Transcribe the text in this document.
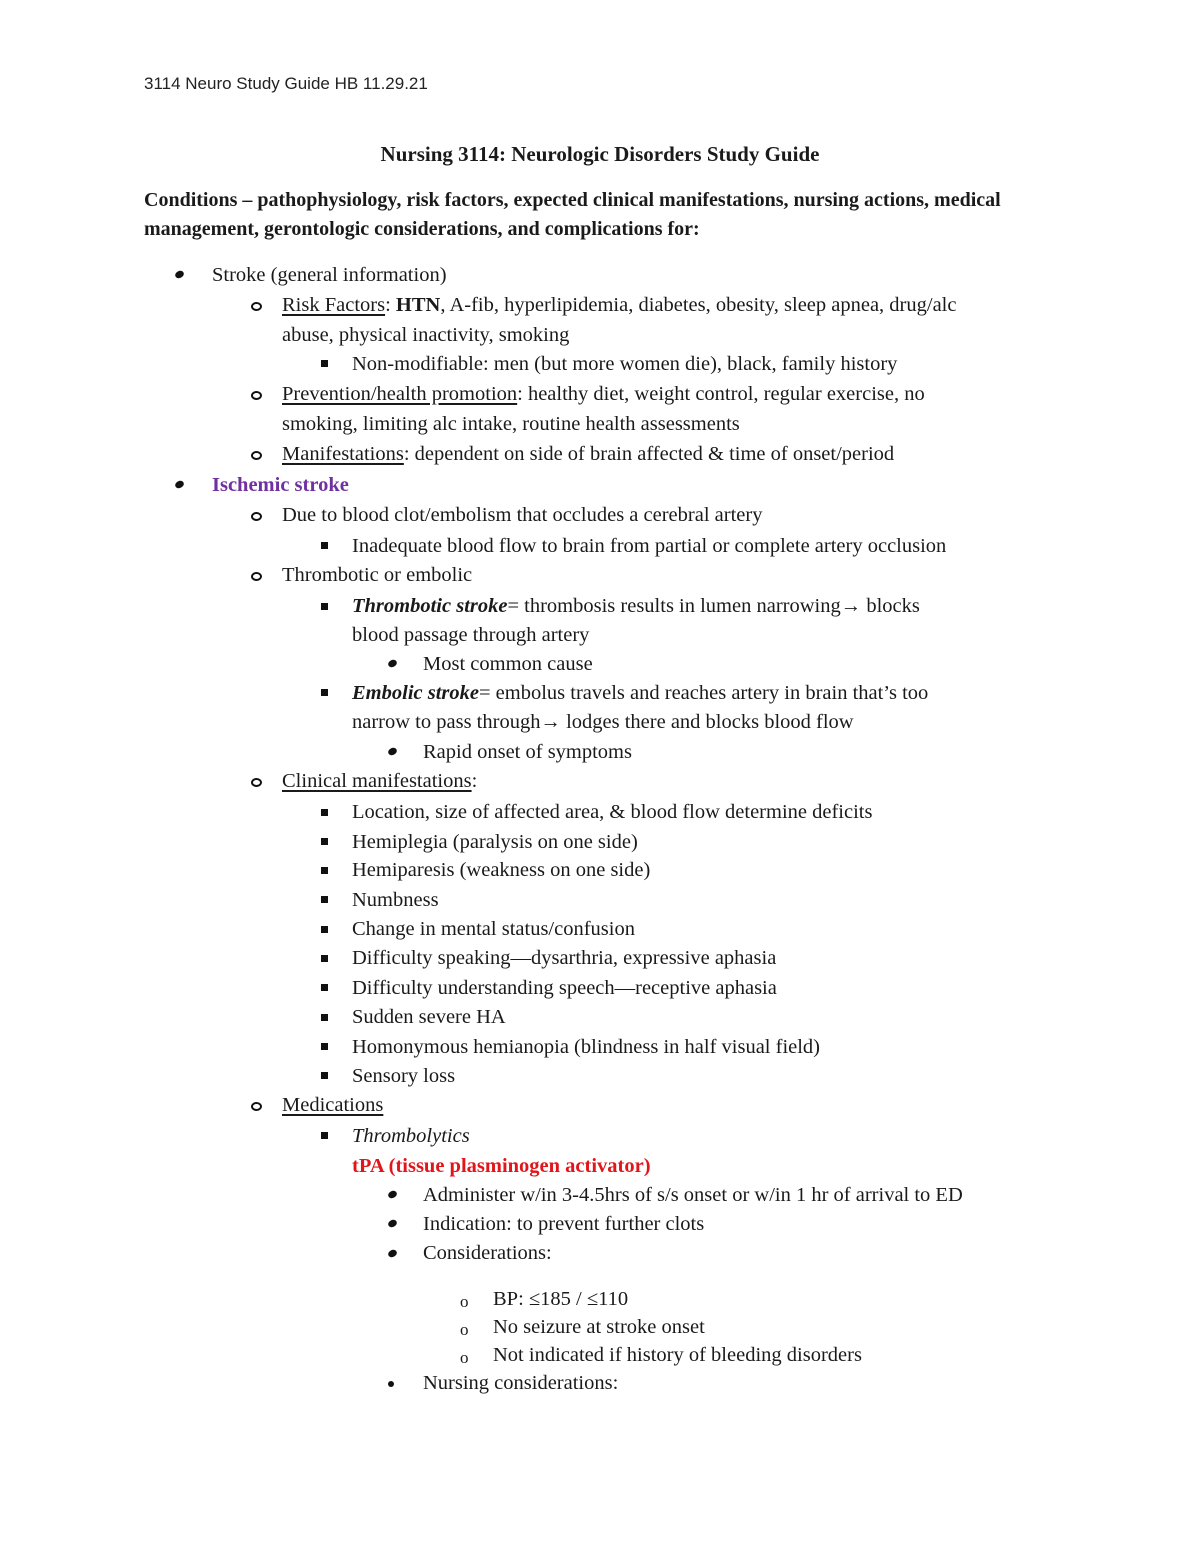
3114 Neuro Study Guide HB 11.29.21
Nursing 3114: Neurologic Disorders Study Guide
Conditions – pathophysiology, risk factors, expected clinical manifestations, nursing actions, medical management, gerontologic considerations, and complications for:
Stroke (general information)
Risk Factors: HTN, A-fib, hyperlipidemia, diabetes, obesity, sleep apnea, drug/alc
abuse, physical inactivity, smoking
Non-modifiable: men (but more women die), black, family history
Prevention/health promotion: healthy diet, weight control, regular exercise, no
smoking, limiting alc intake, routine health assessments
Manifestations: dependent on side of brain affected & time of onset/period
Ischemic stroke
Due to blood clot/embolism that occludes a cerebral artery
Inadequate blood flow to brain from partial or complete artery occlusion
Thrombotic or embolic
Thrombotic stroke= thrombosis results in lumen narrowing→ blocks
blood passage through artery
Most common cause
Embolic stroke= embolus travels and reaches artery in brain that’s too
narrow to pass through→ lodges there and blocks blood flow
Rapid onset of symptoms
Clinical manifestations:
Location, size of affected area, & blood flow determine deficits
Hemiplegia (paralysis on one side)
Hemiparesis (weakness on one side)
Numbness
Change in mental status/confusion
Difficulty speaking—dysarthria, expressive aphasia
Difficulty understanding speech—receptive aphasia
Sudden severe HA
Homonymous hemianopia (blindness in half visual field)
Sensory loss
Medications
Thrombolytics
tPA (tissue plasminogen activator)
Administer w/in 3-4.5hrs of s/s onset or w/in 1 hr of arrival to ED
Indication: to prevent further clots
Considerations:
o BP: ≤185 / ≤110
o No seizure at stroke onset
o Not indicated if history of bleeding disorders
Nursing considerations:
